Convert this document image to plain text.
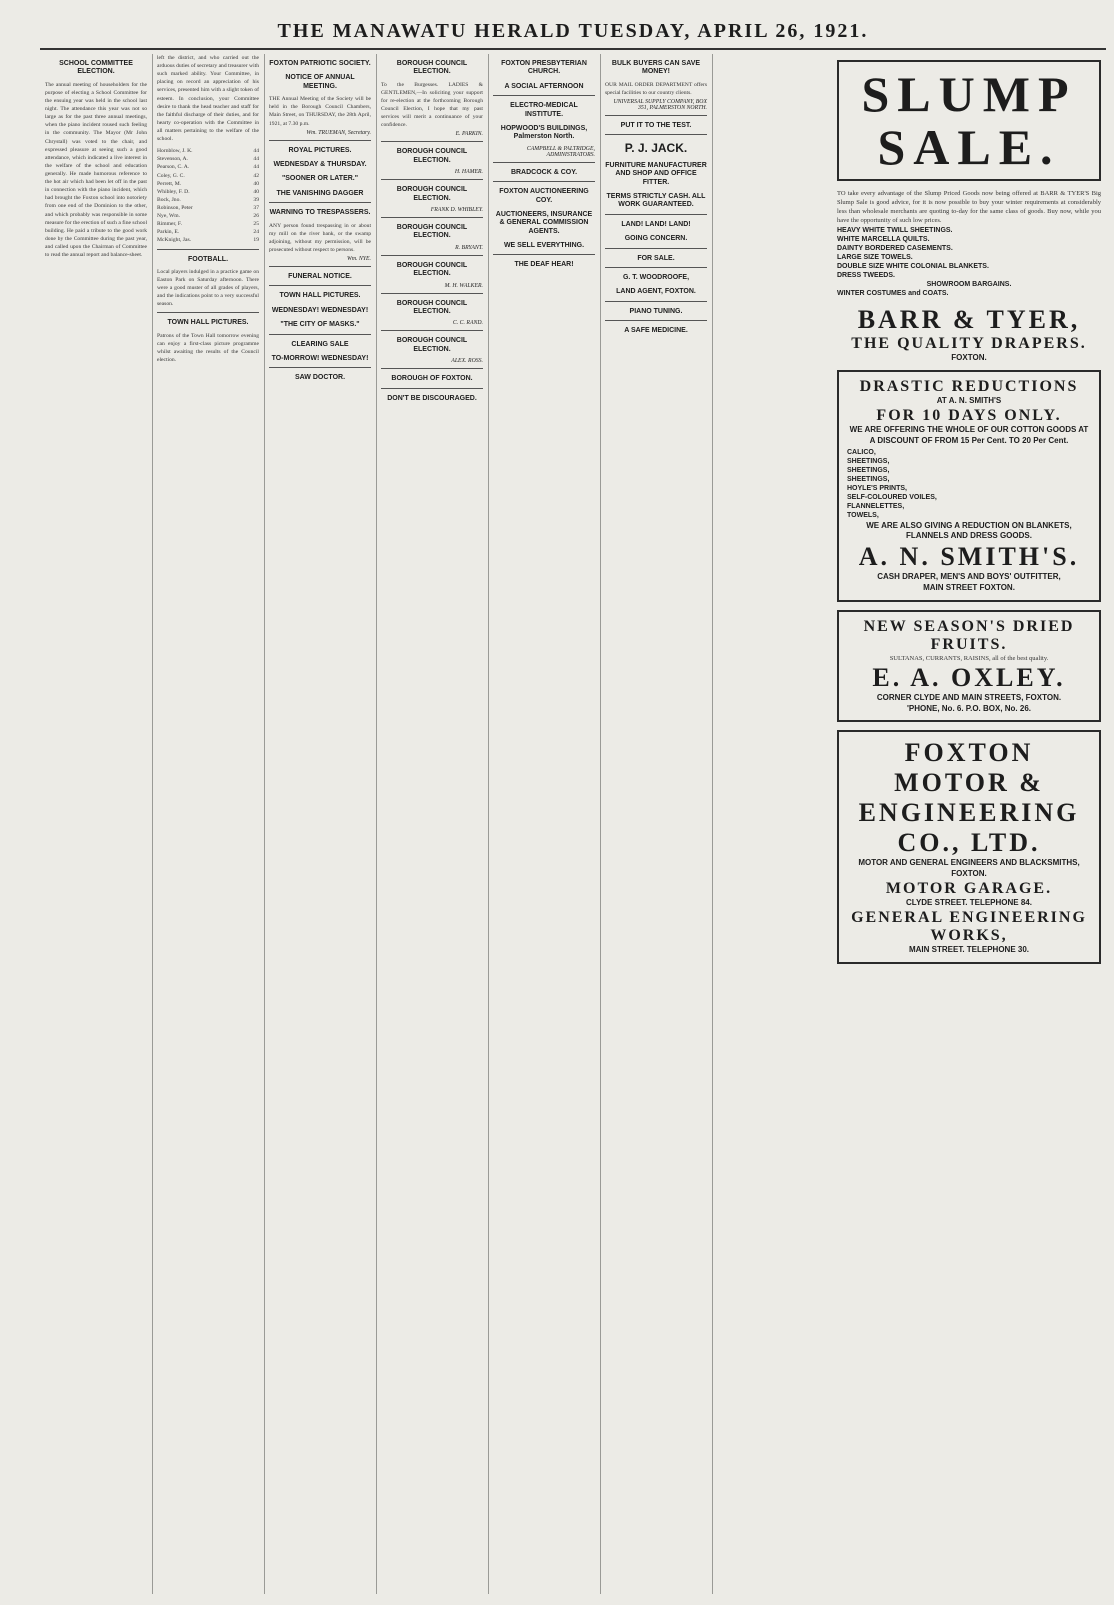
THE MANAWATU HERALD TUESDAY, APRIL 26, 1921.
SCHOOL COMMITTEE ELECTION.
The annual meeting of householders for the purpose of electing a School Committee for the ensuing year was held in the school last night. The attendance this year was not so large as for the past three annual meetings, when the piano incident roused such feeling in the community. The Mayor (Mr John Chrystall) was voted to the chair, and expressed pleasure at seeing such a good attendance, which indicated a live interest in the welfare of the school and education generally. He made humorous reference to the hot air which had been let off in the past in connection with the piano incident, which had brought the Foxton school into notoriety from one end of the Dominion to the other, and which probably was responsible in some measure for the erection of such a fine school building. He paid a tribute to the good work done by the Committee during the past year, and called upon the Chairman of Committee to read the annual report and balance-sheet.
left the district, and who carried out the arduous duties of secretary and treasurer with such marked ability. Your Committee, in placing on record an appreciation of his services, presented him with a slight token of esteem. In conclusion, your Committee desire to thank the head teacher and staff for the faithful discharge of their duties, and for hearty co-operation with the Committee in all matters pertaining to the welfare of the school.
Hornblow, J. K.	44
Stevenson, A.	44
Pearson, C. A.	44
Coley, G. C.	42
Perrett, M.	40
Whibley, F. D.	40
Bock, Jno.	39
Robinson, Peter	37
Nye, Wm.	26
Rimmer, F.	25
Parkin, E.	24
McKnight, Jas.	19
FOOTBALL.
Local players indulged in a practice game on Easton Park on Saturday afternoon. There were a good muster of all grades of players, and the indications point to a very successful season.
TOWN HALL PICTURES.
Patrons of the Town Hall tomorrow evening can enjoy a first-class picture programme whilst awaiting the results of the Council election.
FOXTON PATRIOTIC SOCIETY.
NOTICE OF ANNUAL MEETING.
THE Annual Meeting of the Society will be held in the Borough Council Chambers, Main Street, on THURSDAY, the 28th April, 1921, at 7.30 p.m.
Wm. TRUEMAN, Secretary.
ROYAL PICTURES.
WEDNESDAY & THURSDAY.
"SOONER OR LATER."
THE VANISHING DAGGER
WARNING TO TRESPASSERS.
ANY person found trespassing in or about my mill on the river bank, or the swamp adjoining, without my permission, will be prosecuted without respect to persons.
Wm. NYE.
FUNERAL NOTICE.
TOWN HALL PICTURES.
WEDNESDAY! WEDNESDAY!
"THE CITY OF MASKS."
CLEARING SALE
TO-MORROW! WEDNESDAY!
SAW DOCTOR.
BOROUGH COUNCIL ELECTION.
To the Burgesses. LADIES & GENTLEMEN,—In soliciting your support for re-election at the forthcoming Borough Council Election, I hope that my past services will merit a continuance of your confidence.
E. PARKIN.
BOROUGH COUNCIL ELECTION.
H. HAMER.
BOROUGH COUNCIL ELECTION.
FRANK D. WHIBLEY.
BOROUGH COUNCIL ELECTION.
R. BRYANT.
BOROUGH COUNCIL ELECTION.
M. H. WALKER.
BOROUGH COUNCIL ELECTION.
C. C. RAND.
BOROUGH COUNCIL ELECTION.
ALEX. ROSS.
BOROUGH OF FOXTON.
DON'T BE DISCOURAGED.
FOXTON PRESBYTERIAN CHURCH.
A SOCIAL AFTERNOON
ELECTRO-MEDICAL INSTITUTE.
HOPWOOD'S BUILDINGS, Palmerston North.
CAMPBELL & PALTRIDGE, ADMINISTRATORS.
BRADCOCK & COY.
FOXTON AUCTIONEERING COY.
AUCTIONEERS, INSURANCE & GENERAL COMMISSION AGENTS.
WE SELL EVERYTHING.
THE DEAF HEAR!
BULK BUYERS CAN SAVE MONEY!
OUR MAIL ORDER DEPARTMENT offers special facilities to our country clients.
UNIVERSAL SUPPLY COMPANY, BOX 351, PALMERSTON NORTH.
PUT IT TO THE TEST.
P. J. JACK.
FURNITURE MANUFACTURER AND SHOP AND OFFICE FITTER.
TERMS STRICTLY CASH. ALL WORK GUARANTEED.
LAND! LAND! LAND!
GOING CONCERN.
FOR SALE.
G. T. WOODROOFE,
LAND AGENT, FOXTON.
PIANO TUNING.
A SAFE MEDICINE.
SLUMP
SALE.
TO take every advantage of the Slump Priced Goods now being offered at BARR & TYER'S Big Slump Sale is good advice, for it is now possible to buy your winter requirements at considerably less than wholesale merchants are quoting to-day for the same class of goods. Buy now, while you have the opportunity of such low prices.
HEAVY WHITE TWILL SHEETINGS.
WHITE MARCELLA QUILTS.
DAINTY BORDERED CASEMENTS.
LARGE SIZE TOWELS.
DOUBLE SIZE WHITE COLONIAL BLANKETS.
DRESS TWEEDS.
SHOWROOM BARGAINS.
WINTER COSTUMES and COATS.
BARR & TYER,
THE QUALITY DRAPERS.
FOXTON.
DRASTIC REDUCTIONS
AT A. N. SMITH'S
FOR 10 DAYS ONLY.
WE ARE OFFERING THE WHOLE OF OUR COTTON GOODS AT A DISCOUNT OF FROM 15 Per Cent. TO 20 Per Cent.
CALICO,
SHEETINGS,
SHEETINGS,
SHEETINGS,
HOYLE'S PRINTS,
SELF-COLOURED VOILES,
FLANNELETTES,
TOWELS,
WE ARE ALSO GIVING A REDUCTION ON BLANKETS, FLANNELS AND DRESS GOODS.
A. N. SMITH'S.
CASH DRAPER, MEN'S AND BOYS' OUTFITTER,
MAIN STREET FOXTON.
NEW SEASON'S DRIED FRUITS.
SULTANAS, CURRANTS, RAISINS, all of the best quality.
E. A. OXLEY.
CORNER CLYDE AND MAIN STREETS, FOXTON.
'PHONE, No. 6. P.O. BOX, No. 26.
FOXTON MOTOR &
ENGINEERING
CO., LTD.
MOTOR AND GENERAL ENGINEERS AND BLACKSMITHS, FOXTON.
MOTOR GARAGE.
CLYDE STREET. TELEPHONE 84.
GENERAL ENGINEERING
WORKS,
MAIN STREET. TELEPHONE 30.
